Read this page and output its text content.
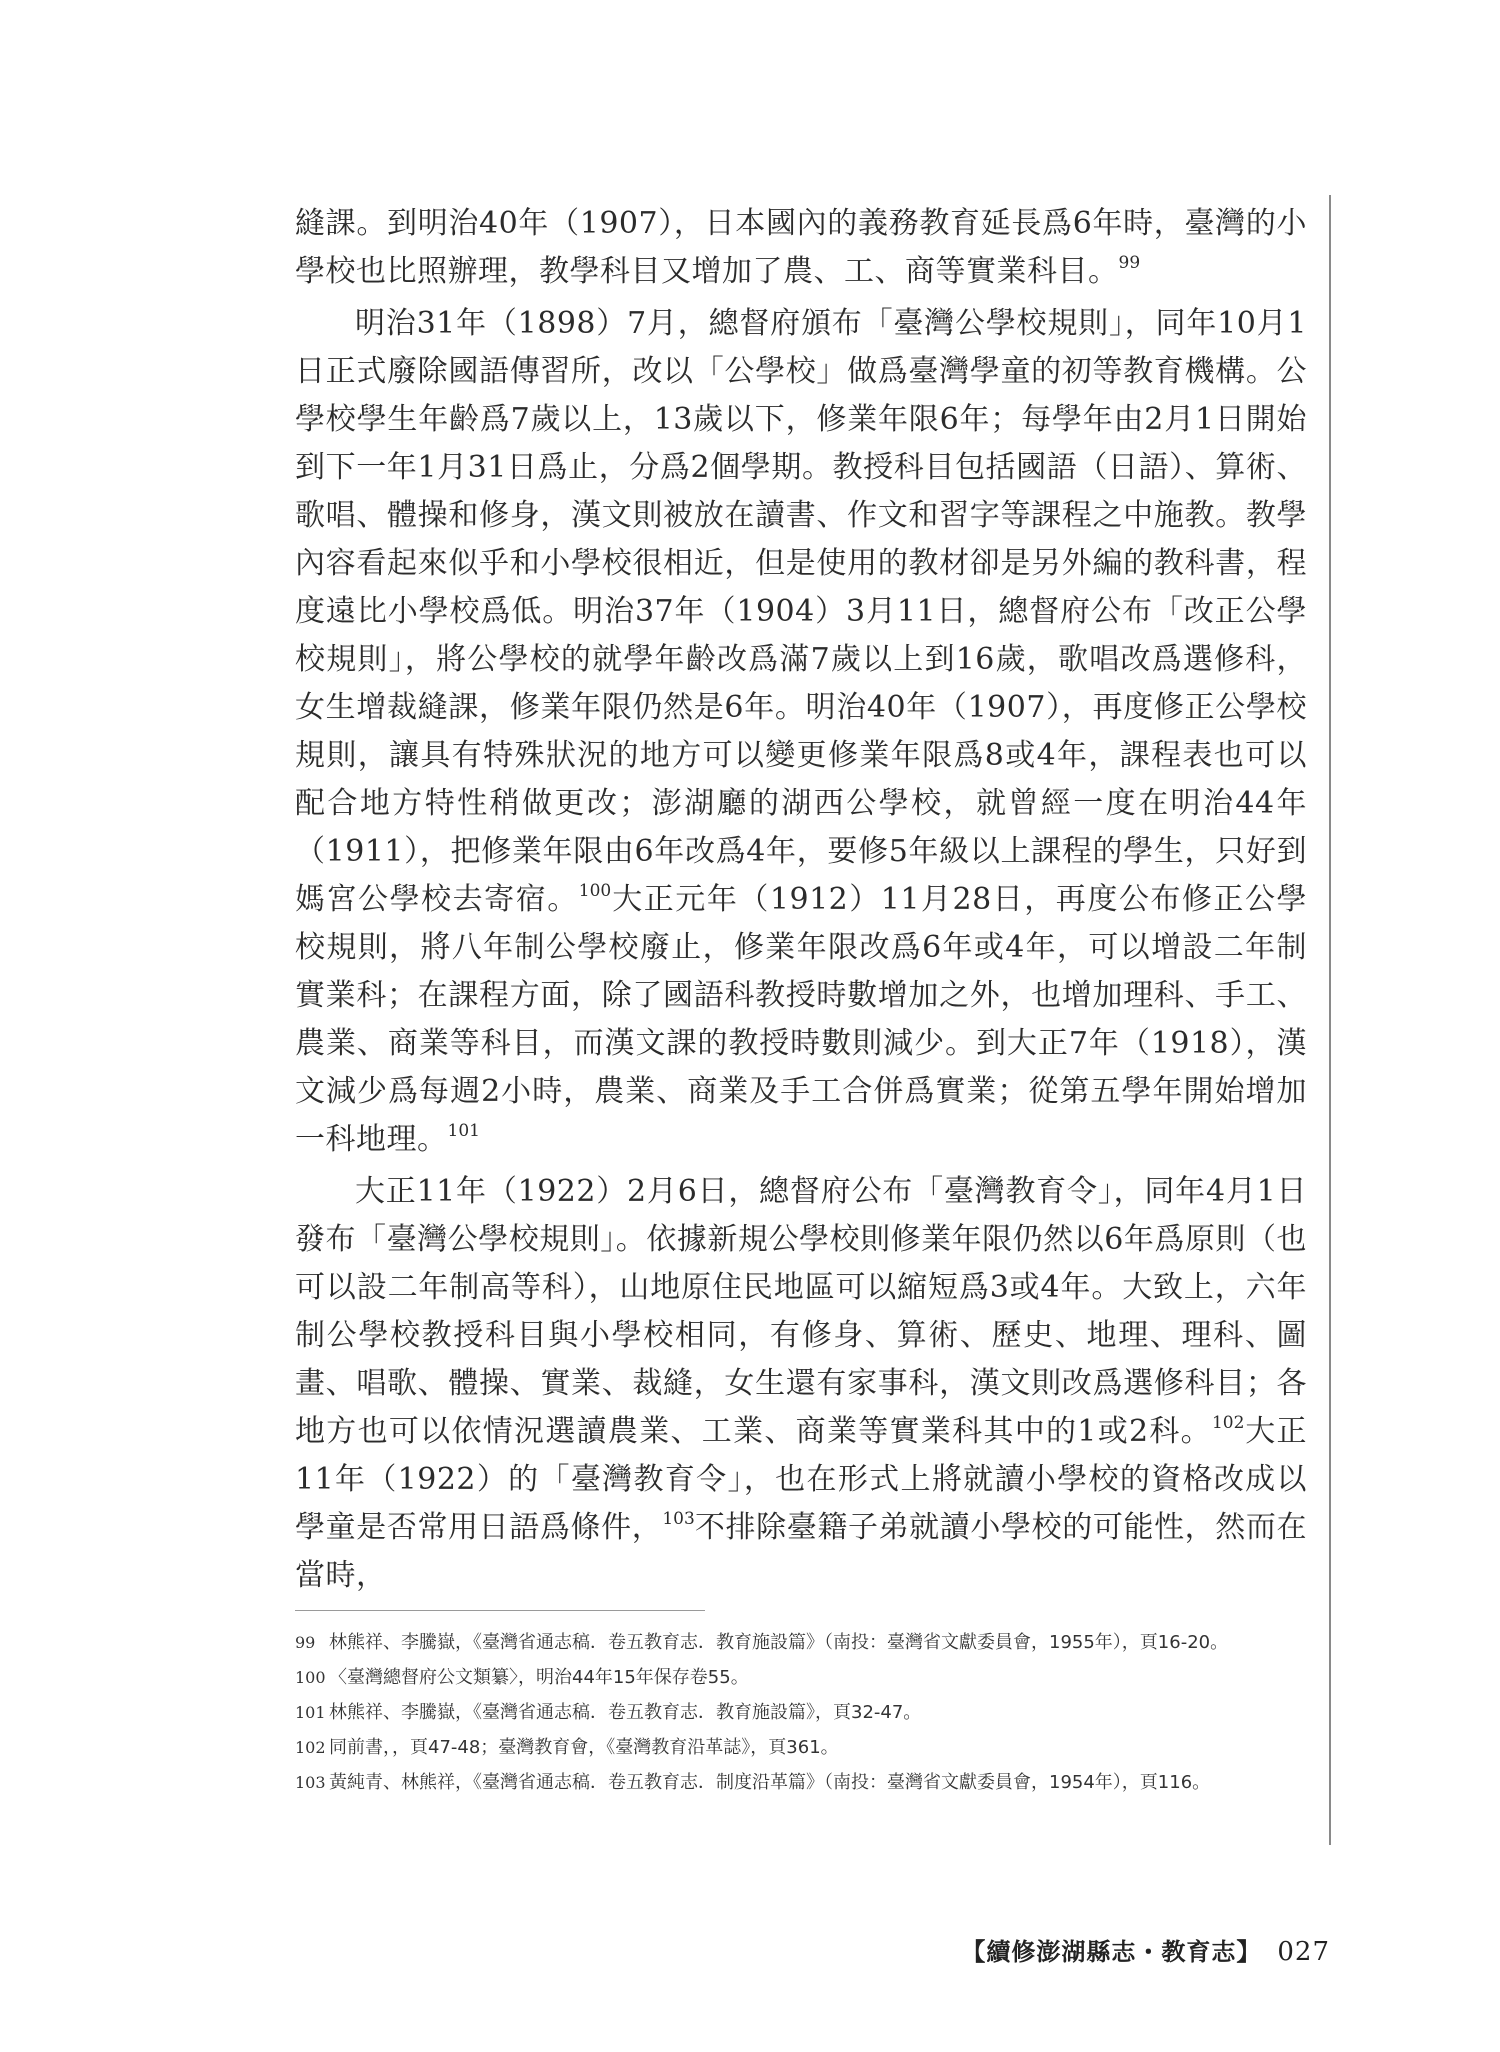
縫課。到明治40年（1907），日本國內的義務教育延長爲6年時，臺灣的小學校也比照辦理，教學科目又增加了農、工、商等實業科目。$^{99}$

明治31年（1898）7月，總督府頒布「臺灣公學校規則」，同年10月1日正式廢除國語傳習所，改以「公學校」做爲臺灣學童的初等教育機構。公學校學生年齡爲7歲以上，13歲以下，修業年限6年；每學年由2月1日開始到下一年1月31日爲止，分爲2個學期。教授科目包括國語（日語）、算術、歌唱、體操和修身，漢文則被放在讀書、作文和習字等課程之中施教。教學內容看起來似乎和小學校很相近，但是使用的教材卻是另外編的教科書，程度遠比小學校爲低。明治37年（1904）3月11日，總督府公布「改正公學校規則」，將公學校的就學年齡改爲滿7歲以上到16歲，歌唱改爲選修科，女生增裁縫課，修業年限仍然是6年。明治40年（1907），再度修正公學校規則，讓具有特殊狀況的地方可以變更修業年限爲8或4年，課程表也可以配合地方特性稍做更改；澎湖廳的湖西公學校，就曾經一度在明治44年（1911），把修業年限由6年改爲4年，要修5年級以上課程的學生，只好到媽宮公學校去寄宿。$^{100}$大正元年（1912）11月28日，再度公布修正公學校規則，將八年制公學校廢止，修業年限改爲6年或4年，可以增設二年制實業科；在課程方面，除了國語科教授時數增加之外，也增加理科、手工、農業、商業等科目，而漢文課的教授時數則減少。到大正7年（1918），漢文減少爲每週2小時，農業、商業及手工合併爲實業；從第五學年開始增加一科地理。$^{101}$

大正11年（1922）2月6日，總督府公布「臺灣教育令」，同年4月1日發布「臺灣公學校規則」。依據新規公學校則修業年限仍然以6年爲原則（也可以設二年制高等科），山地原住民地區可以縮短爲3或4年。大致上，六年制公學校教授科目與小學校相同，有修身、算術、歷史、地理、理科、圖畫、唱歌、體操、實業、裁縫，女生還有家事科，漢文則改爲選修科目；各地方也可以依情況選讀農業、工業、商業等實業科其中的1或2科。$^{102}$大正11年（1922）的「臺灣教育令」，也在形式上將就讀小學校的資格改成以學童是否常用日語爲條件，$^{103}$不排除臺籍子弟就讀小學校的可能性，然而在當時，

99 林熊祥、李騰嶽，《臺灣省通志稿．卷五教育志．教育施設篇》（南投：臺灣省文獻委員會，1955年），頁16-20。
100 〈臺灣總督府公文類纂〉，明治44年15年保存卷55。
101 林熊祥、李騰嶽，《臺灣省通志稿．卷五教育志．教育施設篇》，頁32-47。
102 同前書，，頁47-48；臺灣教育會，《臺灣教育沿革誌》，頁361。
103 黃純青、林熊祥，《臺灣省通志稿．卷五教育志．制度沿革篇》（南投：臺灣省文獻委員會，1954年），頁116。
【續修澎湖縣志・教育志】 027
